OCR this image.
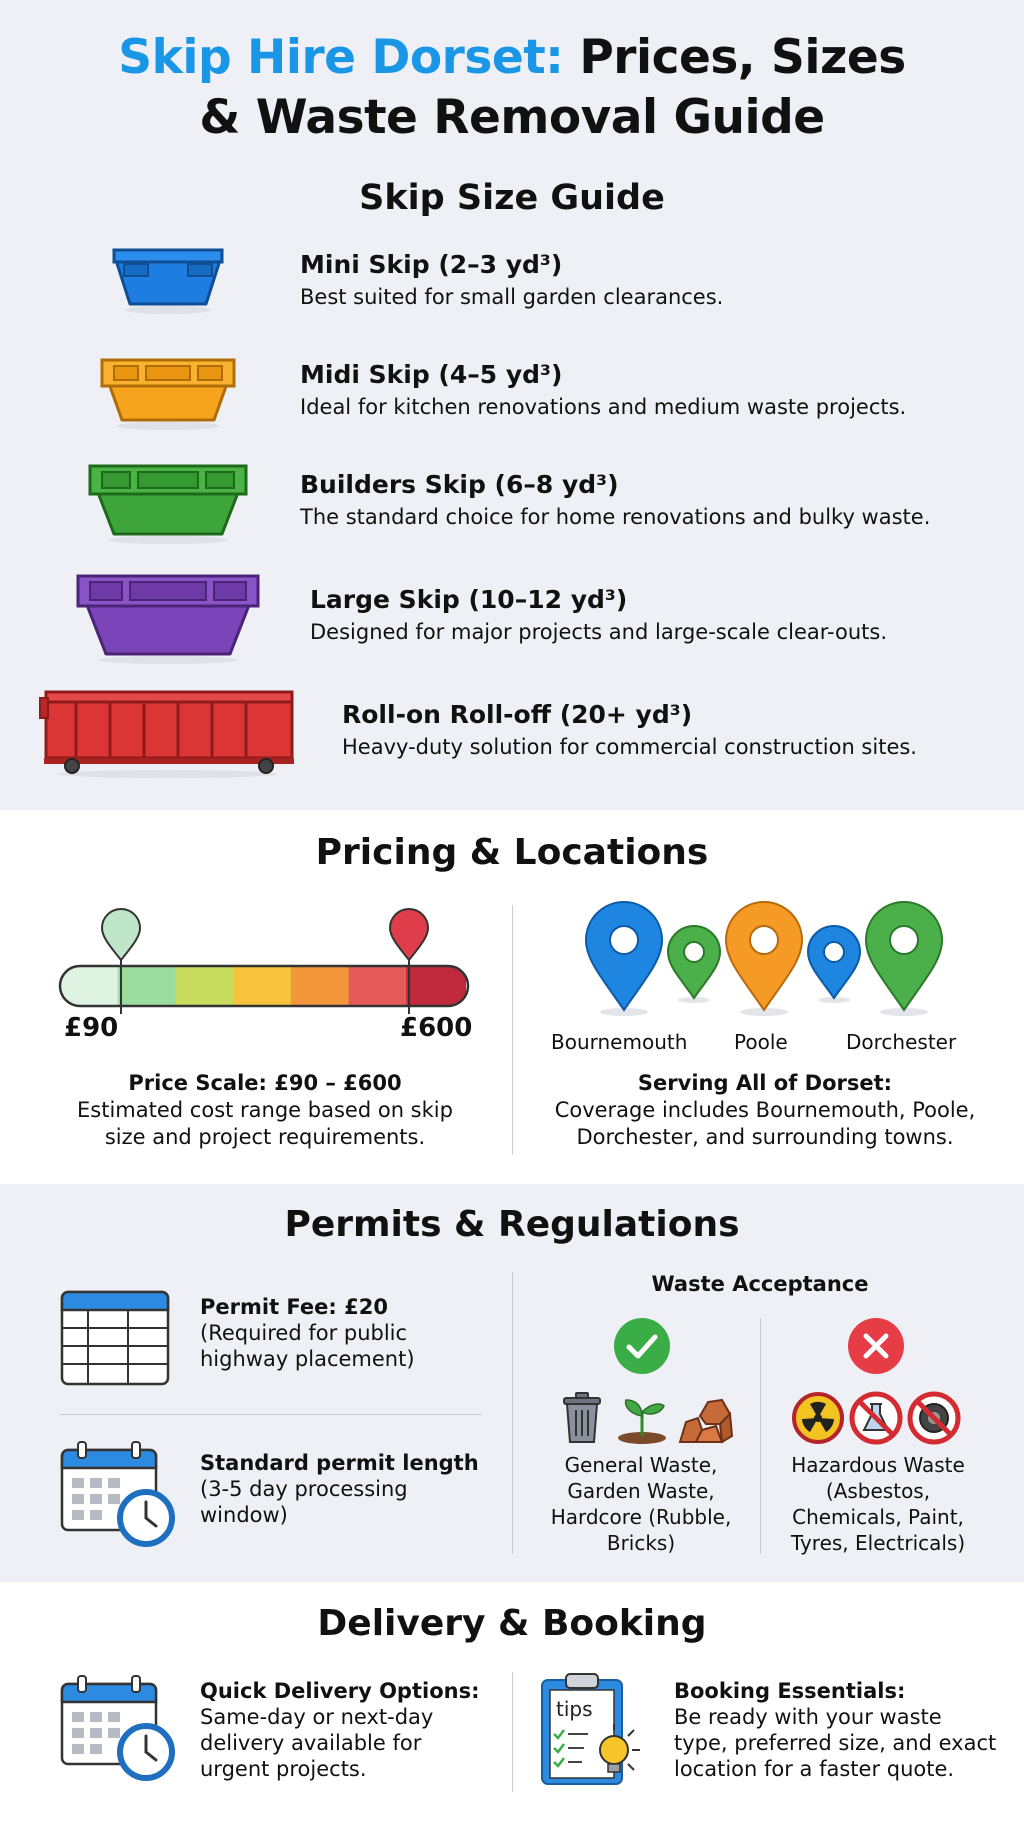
Skip Hire Dorset: Prices, Sizes
& Waste Removal Guide
Skip Size Guide
Mini Skip (2–3 yd³)
Best suited for small garden clearances.
Midi Skip (4–5 yd³)
Ideal for kitchen renovations and medium waste projects.
Builders Skip (6–8 yd³)
The standard choice for home renovations and bulky waste.
Large Skip (10–12 yd³)
Designed for major projects and large-scale clear-outs.
Roll-on Roll-off (20+ yd³)
Heavy-duty solution for commercial construction sites.
Pricing & Locations
£90	£600
Price Scale: £90 – £600
Estimated cost range based on skip
size and project requirements.
Bournemouth Poole	Dorchester
Serving All of Dorset:
Coverage includes Bournemouth, Poole,
Dorchester, and surrounding towns.
Permits & Regulations
Permit Fee: £20
(Required for public
highway placement)
Standard permit length
(3-5 day processing
window)
Waste Acceptance
General Waste,
Garden Waste,
Hardcore (Rubble,
Bricks)
Hazardous Waste
(Asbestos,
Chemicals, Paint,
Tyres, Electricals)
Delivery & Booking
Quick Delivery Options:
Same-day or next-day
delivery available for
urgent projects.
tips
Booking Essentials:
Be ready with your waste
type, preferred size, and exact
location for a faster quote.
